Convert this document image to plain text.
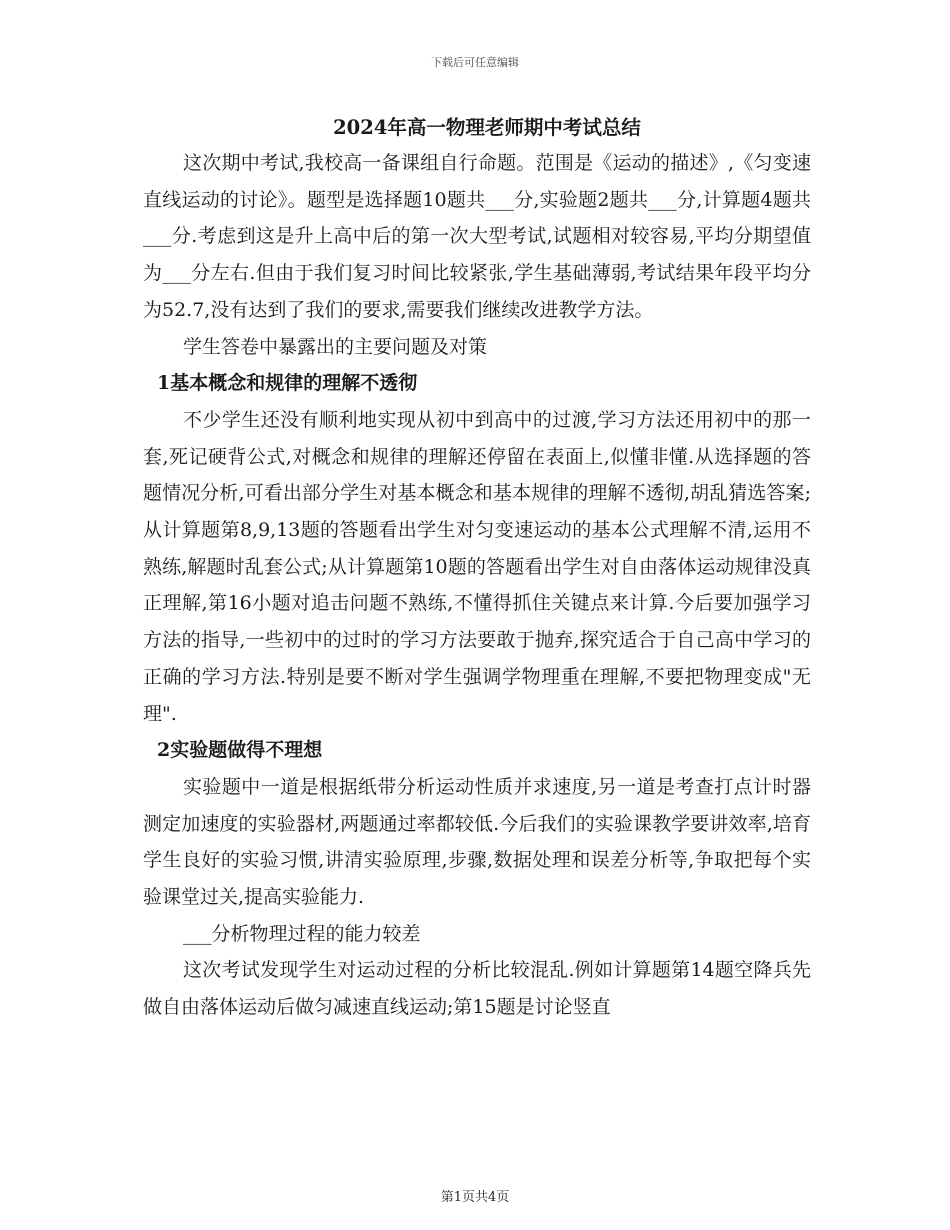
下载后可任意编辑

2024年高一物理老师期中考试总结

这次期中考试,我校高一备课组自行命题。范围是《运动的描述》,《匀变速直线运动的讨论》。题型是选择题10题共___分,实验题2题共___分,计算题4题共___分.考虑到这是升上高中后的第一次大型考试,试题相对较容易,平均分期望值为___分左右.但由于我们复习时间比较紧张,学生基础薄弱,考试结果年段平均分为52.7,没有达到了我们的要求,需要我们继续改进教学方法。

学生答卷中暴露出的主要问题及对策

1基本概念和规律的理解不透彻

不少学生还没有顺利地实现从初中到高中的过渡,学习方法还用初中的那一套,死记硬背公式,对概念和规律的理解还停留在表面上,似懂非懂.从选择题的答题情况分析,可看出部分学生对基本概念和基本规律的理解不透彻,胡乱猜选答案;从计算题第8,9,13题的答题看出学生对匀变速运动的基本公式理解不清,运用不熟练,解题时乱套公式;从计算题第10题的答题看出学生对自由落体运动规律没真正理解,第16小题对追击问题不熟练,不懂得抓住关键点来计算.今后要加强学习方法的指导,一些初中的过时的学习方法要敢于抛弃,探究适合于自己高中学习的正确的学习方法.特别是要不断对学生强调学物理重在理解,不要把物理变成"无理".

2实验题做得不理想

实验题中一道是根据纸带分析运动性质并求速度,另一道是考查打点计时器测定加速度的实验器材,两题通过率都较低.今后我们的实验课教学要讲效率,培育学生良好的实验习惯,讲清实验原理,步骤,数据处理和误差分析等,争取把每个实验课堂过关,提高实验能力.

___分析物理过程的能力较差

这次考试发现学生对运动过程的分析比较混乱.例如计算题第14题空降兵先做自由落体运动后做匀减速直线运动;第15题是讨论竖直

第1页共4页
